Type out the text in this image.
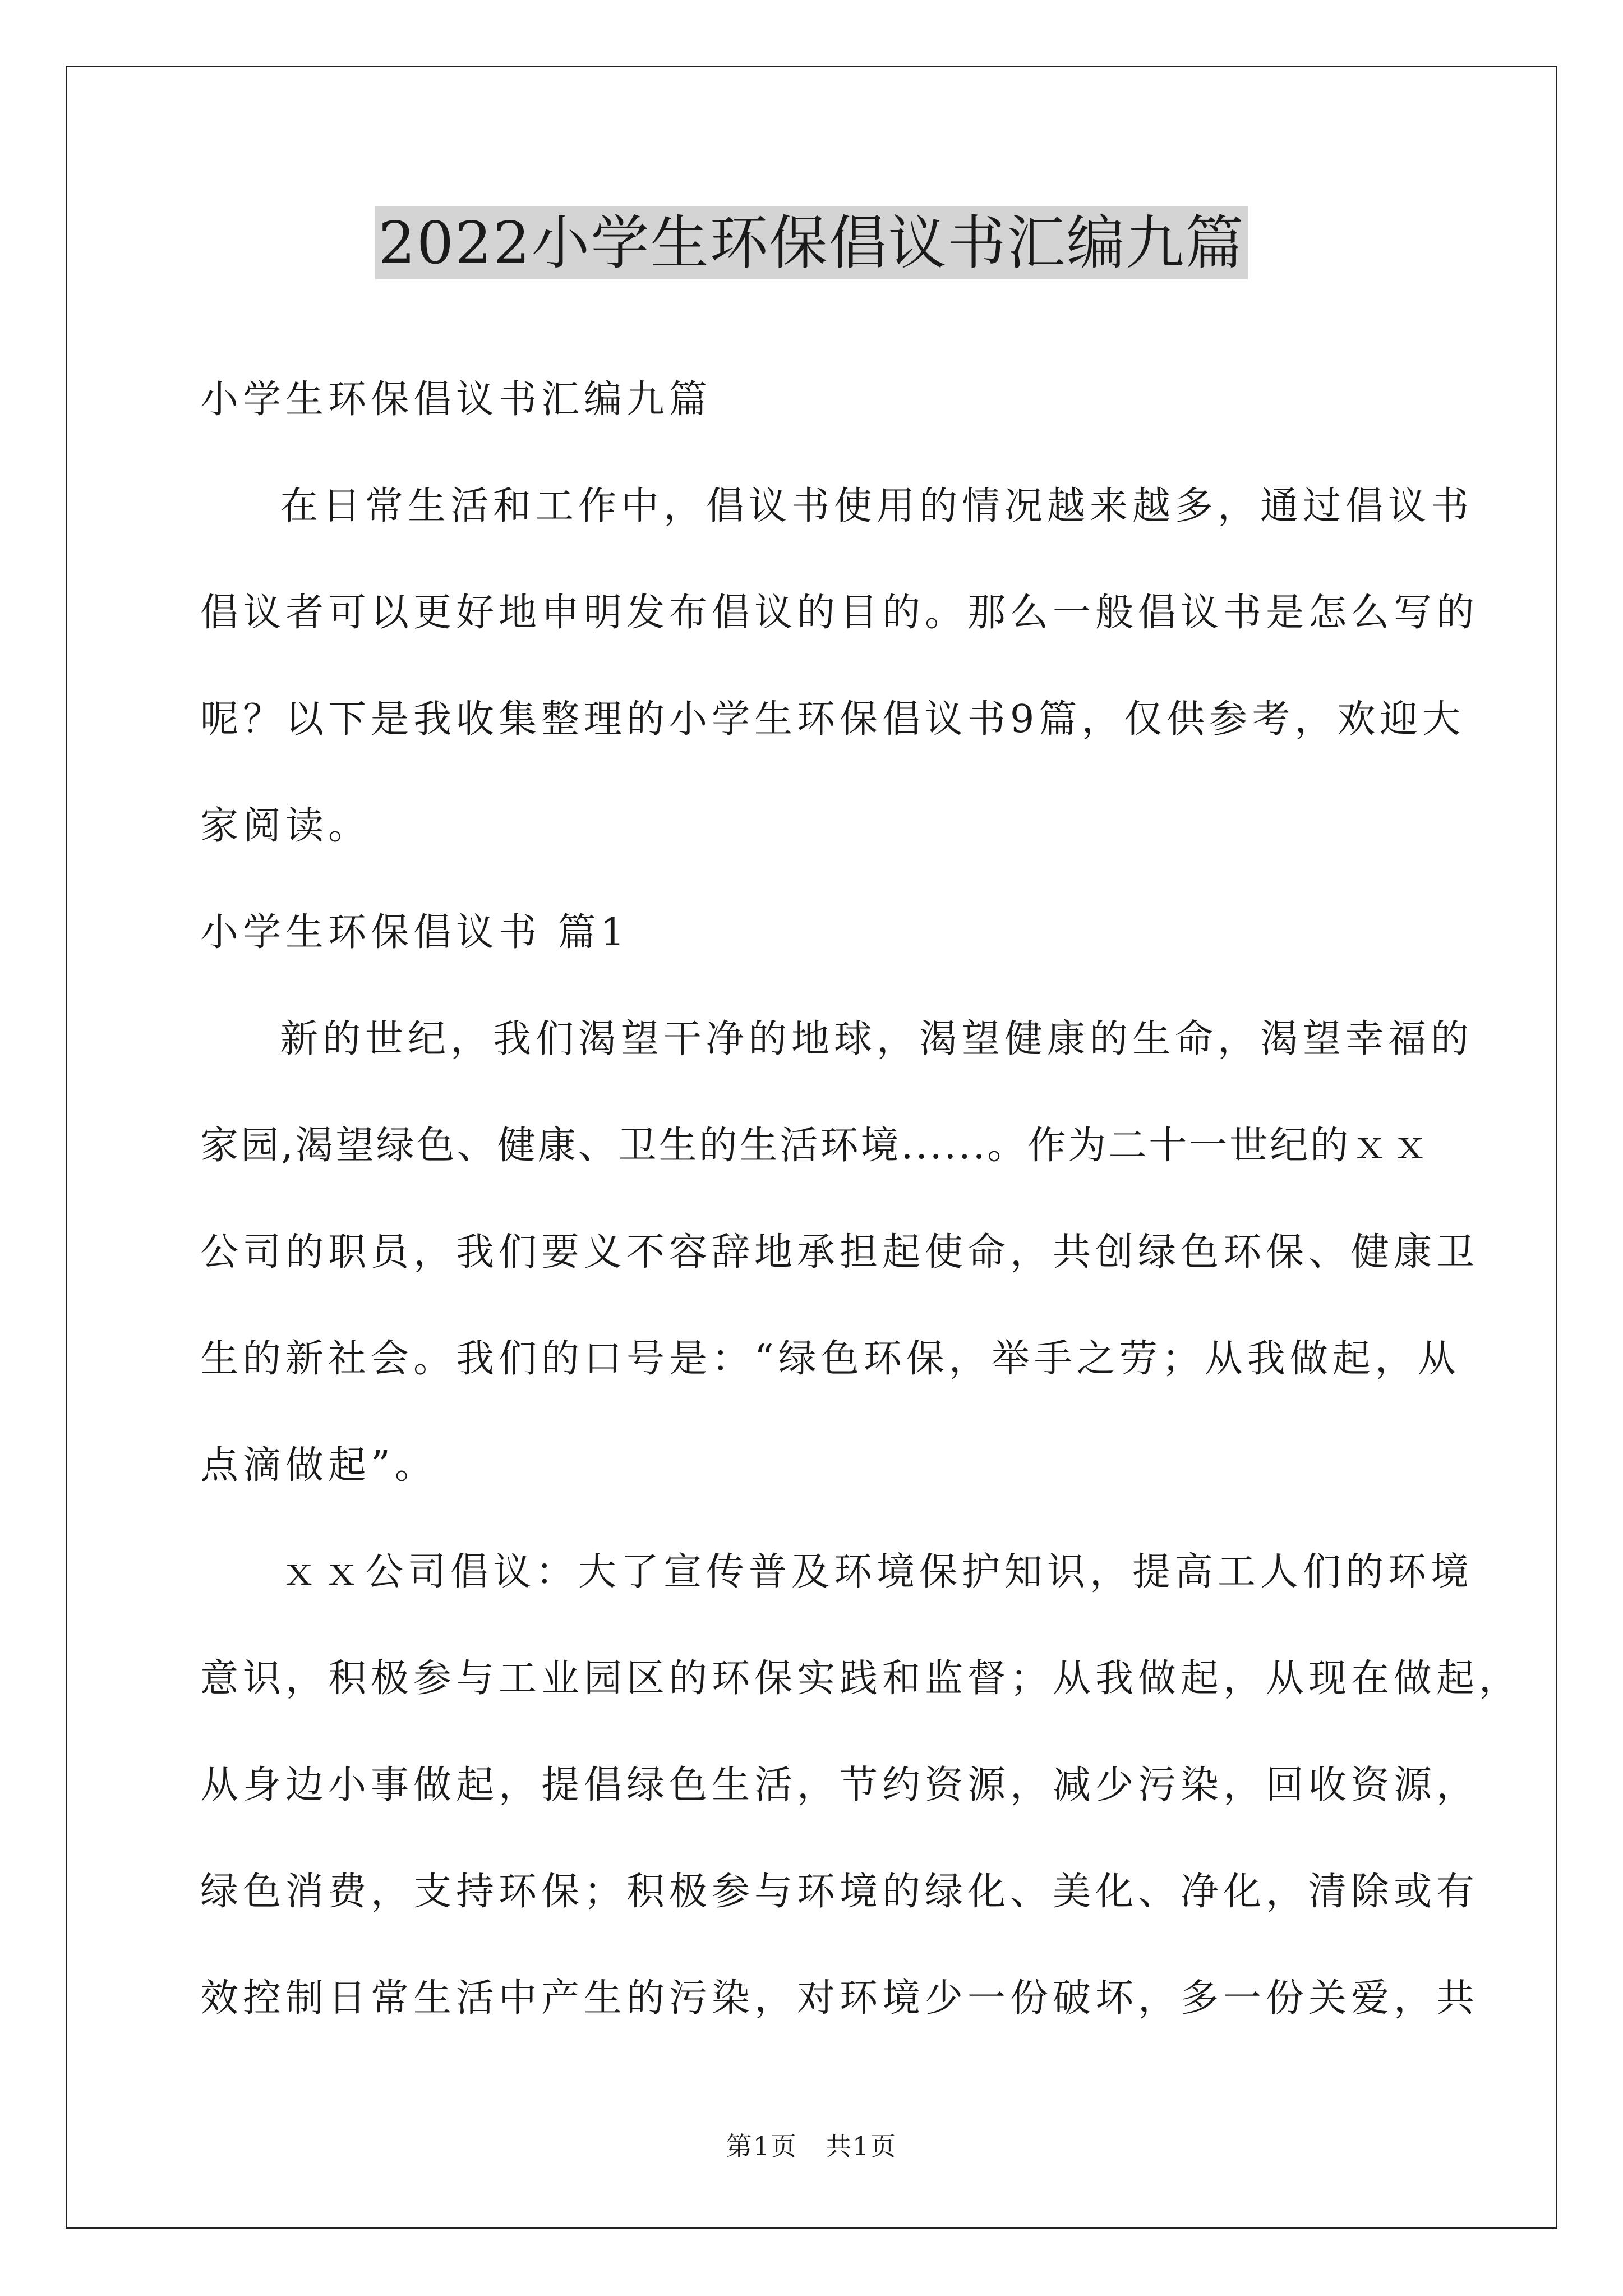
2022小学生环保倡议书汇编九篇
小学生环保倡议书汇编九篇
在日常生活和工作中，倡议书使用的情况越来越多，通过倡议书
倡议者可以更好地申明发布倡议的目的。那么一般倡议书是怎么写的
呢？以下是我收集整理的小学生环保倡议书9篇，仅供参考，欢迎大
家阅读。
小学生环保倡议书 篇1
新的世纪，我们渴望干净的地球，渴望健康的生命，渴望幸福的
家园,渴望绿色、健康、卫生的生活环境......。作为二十一世纪的ｘｘ
公司的职员，我们要义不容辞地承担起使命，共创绿色环保、健康卫
生的新社会。我们的口号是：“绿色环保，举手之劳；从我做起，从
点滴做起”。
ｘｘ公司倡议：大了宣传普及环境保护知识，提高工人们的环境
意识，积极参与工业园区的环保实践和监督；从我做起，从现在做起，
从身边小事做起，提倡绿色生活，节约资源，减少污染，回收资源，
绿色消费，支持环保；积极参与环境的绿化、美化、净化，清除或有
效控制日常生活中产生的污染，对环境少一份破坏，多一份关爱，共
第1页 共1页
